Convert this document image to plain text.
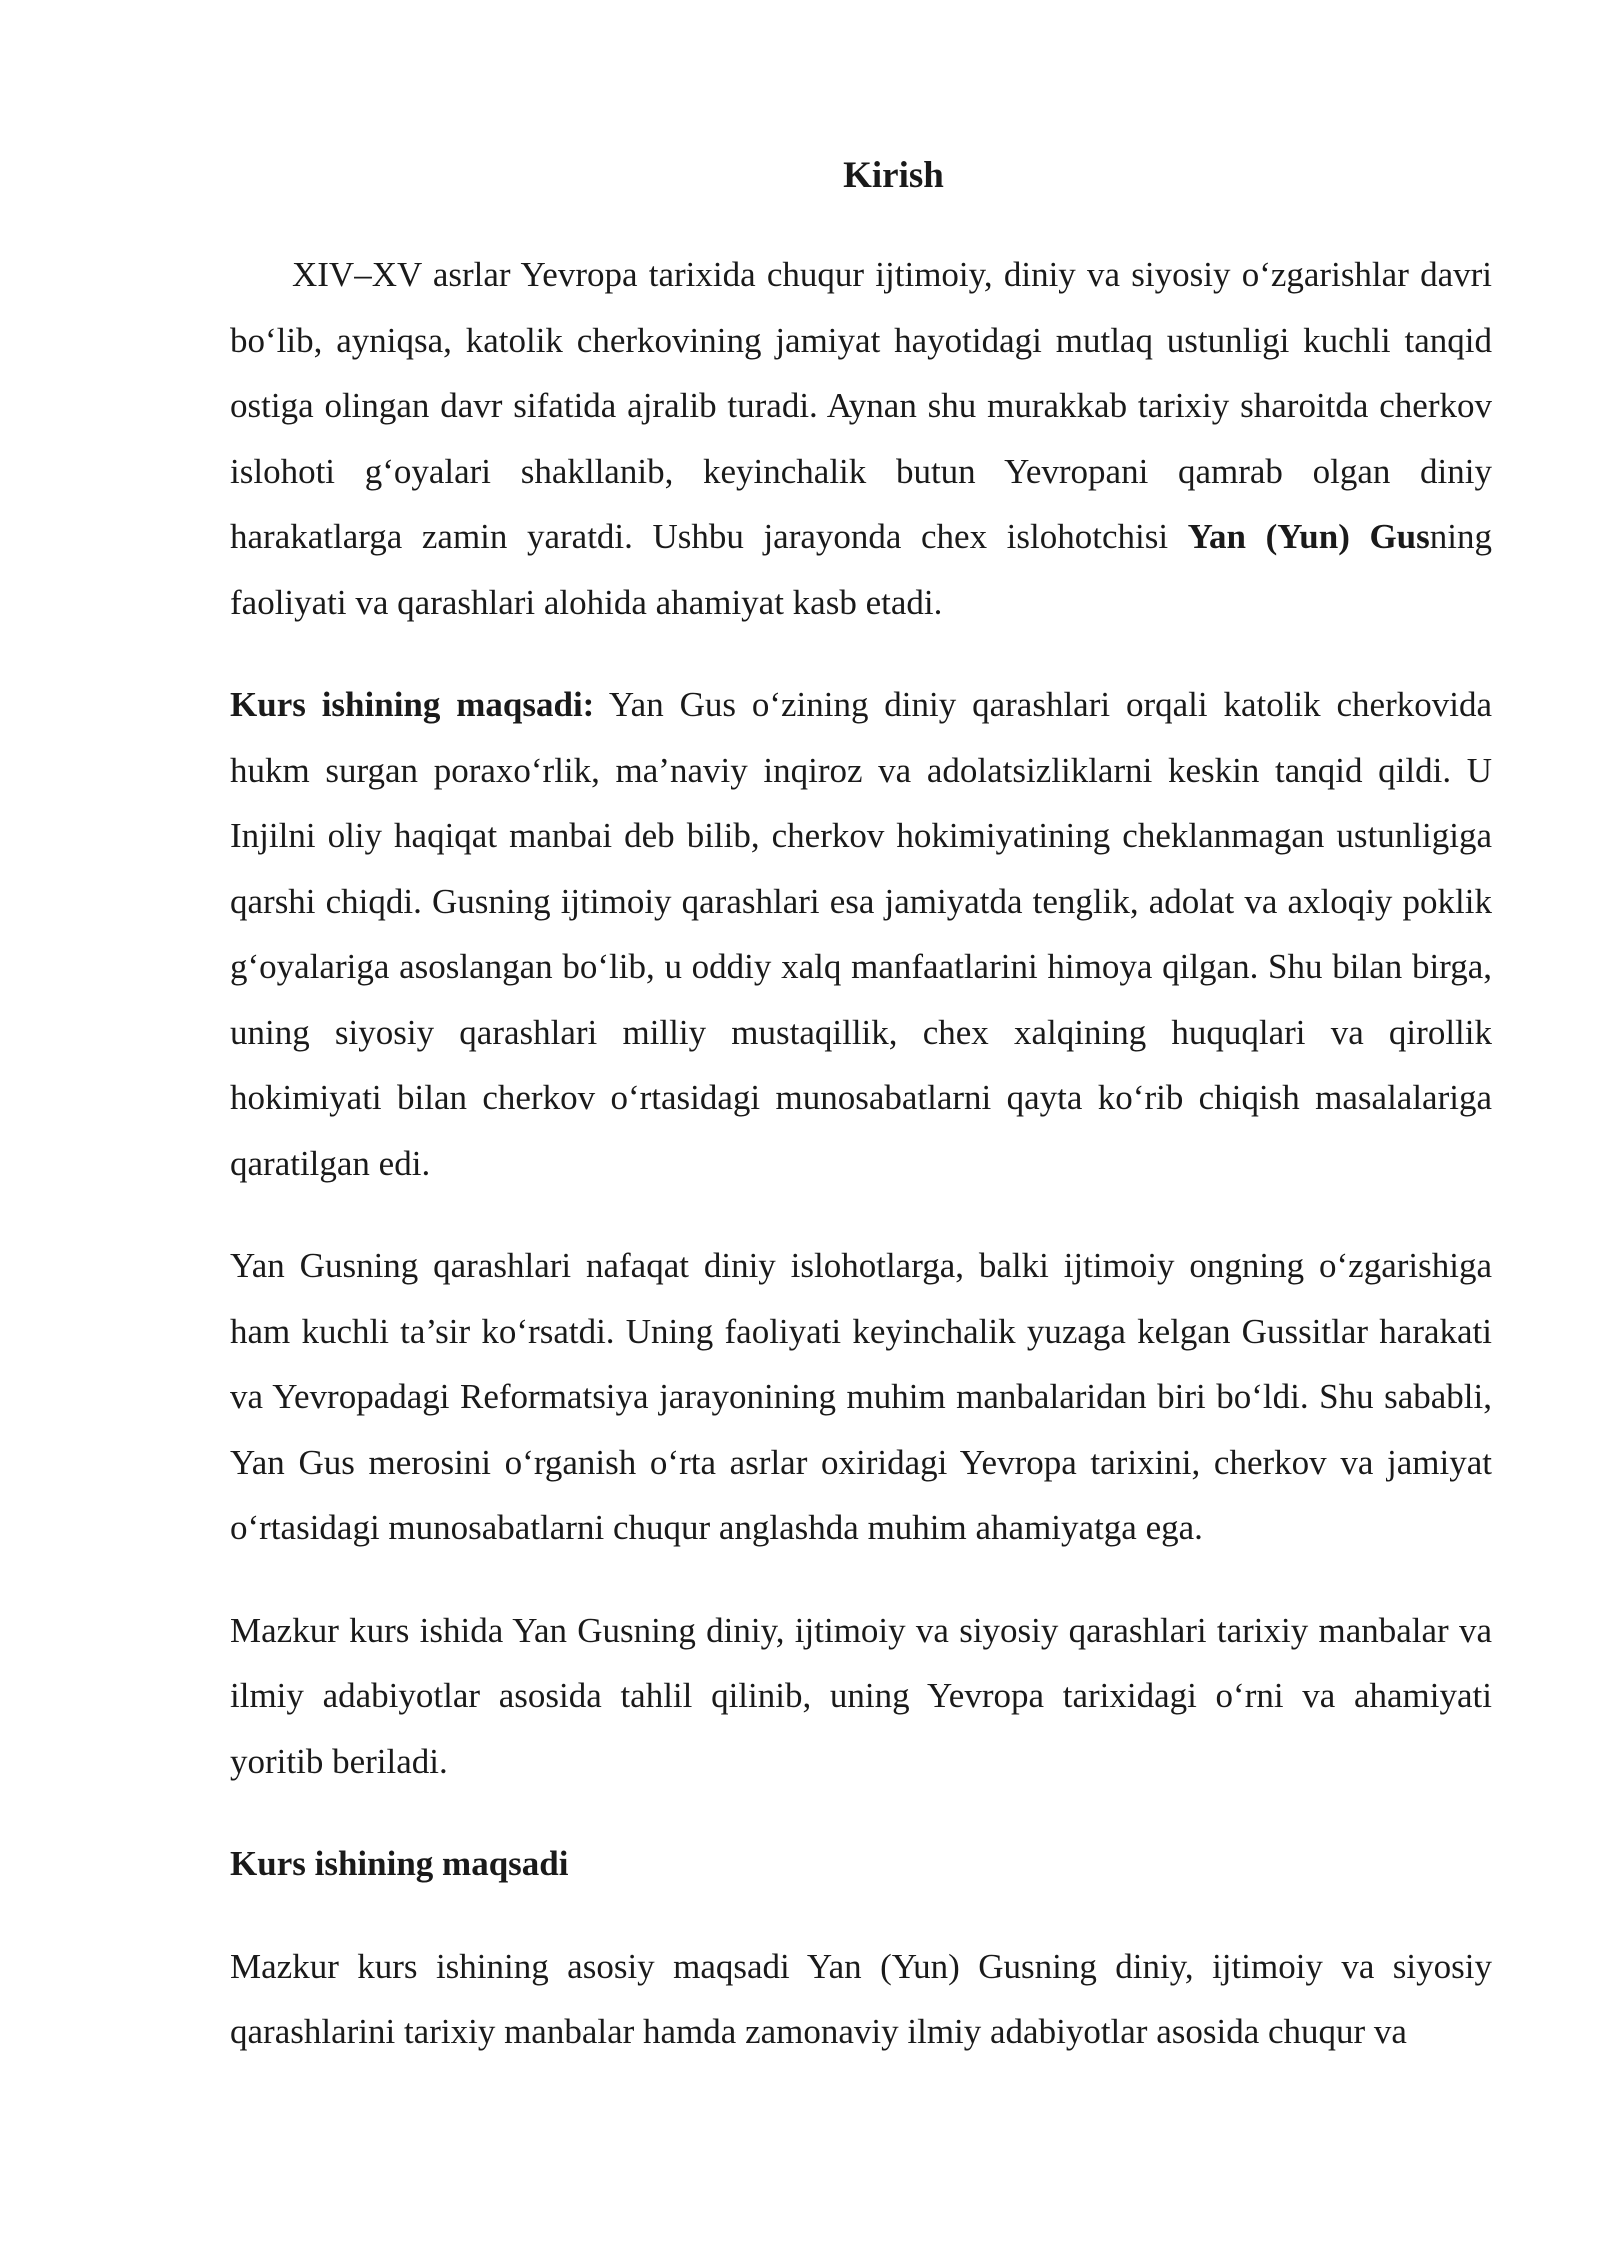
Kirish

XIV–XV asrlar Yevropa tarixida chuqur ijtimoiy, diniy va siyosiy o‘zgarishlar davri bo‘lib, ayniqsa, katolik cherkovining jamiyat hayotidagi mutlaq ustunligi kuchli tanqid ostiga olingan davr sifatida ajralib turadi. Aynan shu murakkab tarixiy sharoitda cherkov islohoti g‘oyalari shakllanib, keyinchalik butun Yevropani qamrab olgan diniy harakatlarga zamin yaratdi. Ushbu jarayonda chex islohotchisi Yan (Yun) Gusning faoliyati va qarashlari alohida ahamiyat kasb etadi.

Kurs ishining maqsadi: Yan Gus o‘zining diniy qarashlari orqali katolik cherkovida hukm surgan poraxo‘rlik, ma’naviy inqiroz va adolatsizliklarni keskin tanqid qildi. U Injilni oliy haqiqat manbai deb bilib, cherkov hokimiyatining cheklanmagan ustunligiga qarshi chiqdi. Gusning ijtimoiy qarashlari esa jamiyatda tenglik, adolat va axloqiy poklik g‘oyalariga asoslangan bo‘lib, u oddiy xalq manfaatlarini himoya qilgan. Shu bilan birga, uning siyosiy qarashlari milliy mustaqillik, chex xalqining huquqlari va qirollik hokimiyati bilan cherkov o‘rtasidagi munosabatlarni qayta ko‘rib chiqish masalalariga qaratilgan edi.

Yan Gusning qarashlari nafaqat diniy islohotlarga, balki ijtimoiy ongning o‘zgarishiga ham kuchli ta’sir ko‘rsatdi. Uning faoliyati keyinchalik yuzaga kelgan Gussitlar harakati va Yevropadagi Reformatsiya jarayonining muhim manbalaridan biri bo‘ldi. Shu sababli, Yan Gus merosini o‘rganish o‘rta asrlar oxiridagi Yevropa tarixini, cherkov va jamiyat o‘rtasidagi munosabatlarni chuqur anglashda muhim ahamiyatga ega.

Mazkur kurs ishida Yan Gusning diniy, ijtimoiy va siyosiy qarashlari tarixiy manbalar va ilmiy adabiyotlar asosida tahlil qilinib, uning Yevropa tarixidagi o‘rni va ahamiyati yoritib beriladi.

Kurs ishining maqsadi

Mazkur kurs ishining asosiy maqsadi Yan (Yun) Gusning diniy, ijtimoiy va siyosiy qarashlarini tarixiy manbalar hamda zamonaviy ilmiy adabiyotlar asosida chuqur va
